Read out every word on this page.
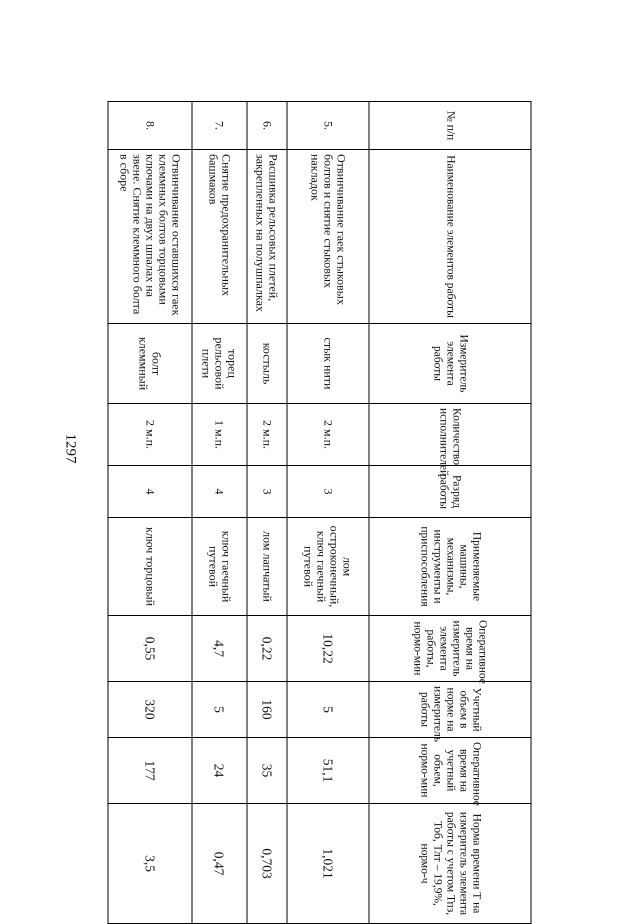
1297
№ п/п	Наименование элементов работы	Измеритель элемента работы	Количество исполнителей	Разряд работы	Применяемые машины, механизмы, инструменты и приспособления	Оперативное время на измеритель элемента работы, нормо-мин	Учетный объем в норме на измеритель работы	Оперативное время на учетный объем, нормо-мин	Норма времени Т на измеритель элемента работы с учетом Тпз, Тоб, Тлт – 19,9%, нормо-ч
5.	Отвинчивание гаек стыковых болтов и снятие стыковых накладок	стык нити	2 м.п.	3	лом остроконечный, ключ гаечный путевой	10,22	5	51,1	1,021
6.	Расшивка рельсовых плетей, закрепленных на полушпалках	костыль	2 м.п.	3	лом лапчатый	0,22	160	35	0,703
7.	Снятие предохранительных башмаков	торец рельсовой плети	1 м.п.	4	ключ гаечный путевой	4,7	5	24	0,47
8.	Отвинчивание оставшихся гаек клеммных болтов торцовыми ключами на двух шпалах на звене. Снятие клеммного болта в сборе	болт клеммный	2 м.п.	4	ключ торцовый	0,55	320	177	3,5
